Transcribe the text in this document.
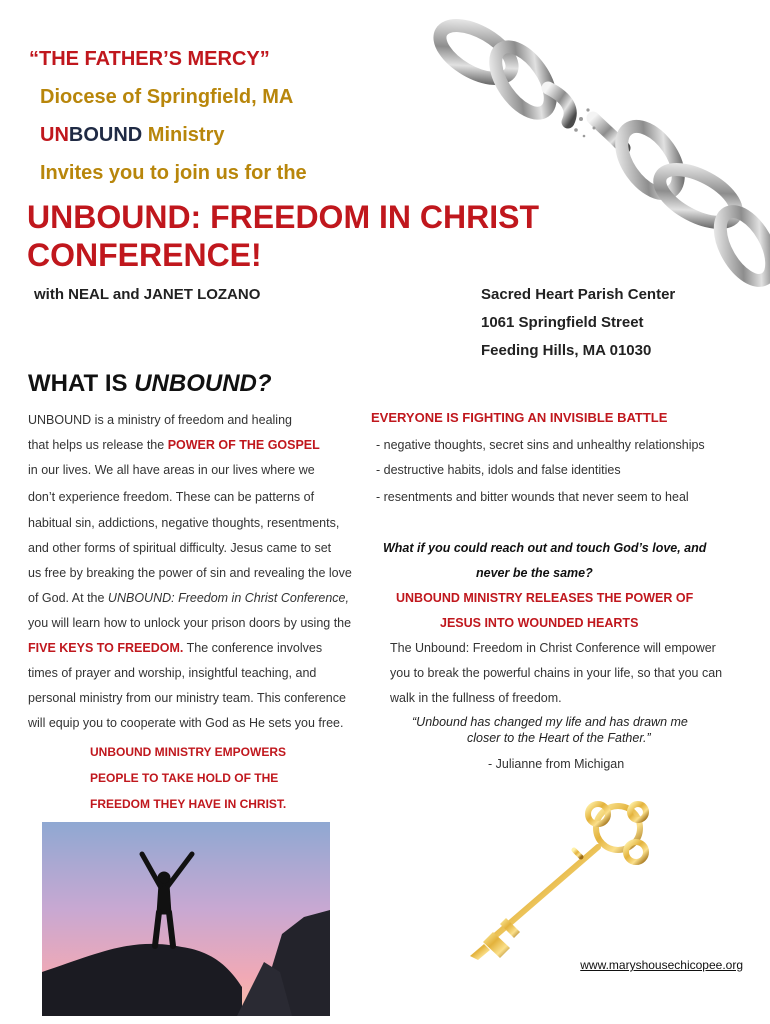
“THE FATHER’S MERCY”
Diocese of Springfield, MA
UNBOUND Ministry
Invites you to join us for the
UNBOUND: FREEDOM IN CHRIST
CONFERENCE!
with NEAL and JANET LOZANO	Sacred Heart Parish Center
1061 Springfield Street
Feeding Hills, MA 01030
WHAT IS UNBOUND?
UNBOUND is a ministry of freedom and healing
that helps us release the POWER OF THE GOSPEL
in our lives. We all have areas in our lives where we
don’t experience freedom. These can be patterns of
habitual sin, addictions, negative thoughts, resentments,
and other forms of spiritual difficulty. Jesus came to set
us free by breaking the power of sin and revealing the love
of God. At the UNBOUND: Freedom in Christ Conference,
you will learn how to unlock your prison doors by using the
FIVE KEYS TO FREEDOM. The conference involves
times of prayer and worship, insightful teaching, and
personal ministry from our ministry team. This conference
will equip you to cooperate with God as He sets you free.
UNBOUND MINISTRY EMPOWERS
PEOPLE TO TAKE HOLD OF THE
FREEDOM THEY HAVE IN CHRIST.
EVERYONE IS FIGHTING AN INVISIBLE BATTLE
- negative thoughts, secret sins and unhealthy relationships
- destructive habits, idols and false identities
- resentments and bitter wounds that never seem to heal
What if you could reach out and touch God’s love, and
never be the same?
UNBOUND MINISTRY RELEASES THE POWER OF
JESUS INTO WOUNDED HEARTS
The Unbound: Freedom in Christ Conference will empower
you to break the powerful chains in your life, so that you can
walk in the fullness of freedom.
“Unbound has changed my life and has drawn me
closer to the Heart of the Father.”
- Julianne from Michigan
www.maryshousechicopee.org
